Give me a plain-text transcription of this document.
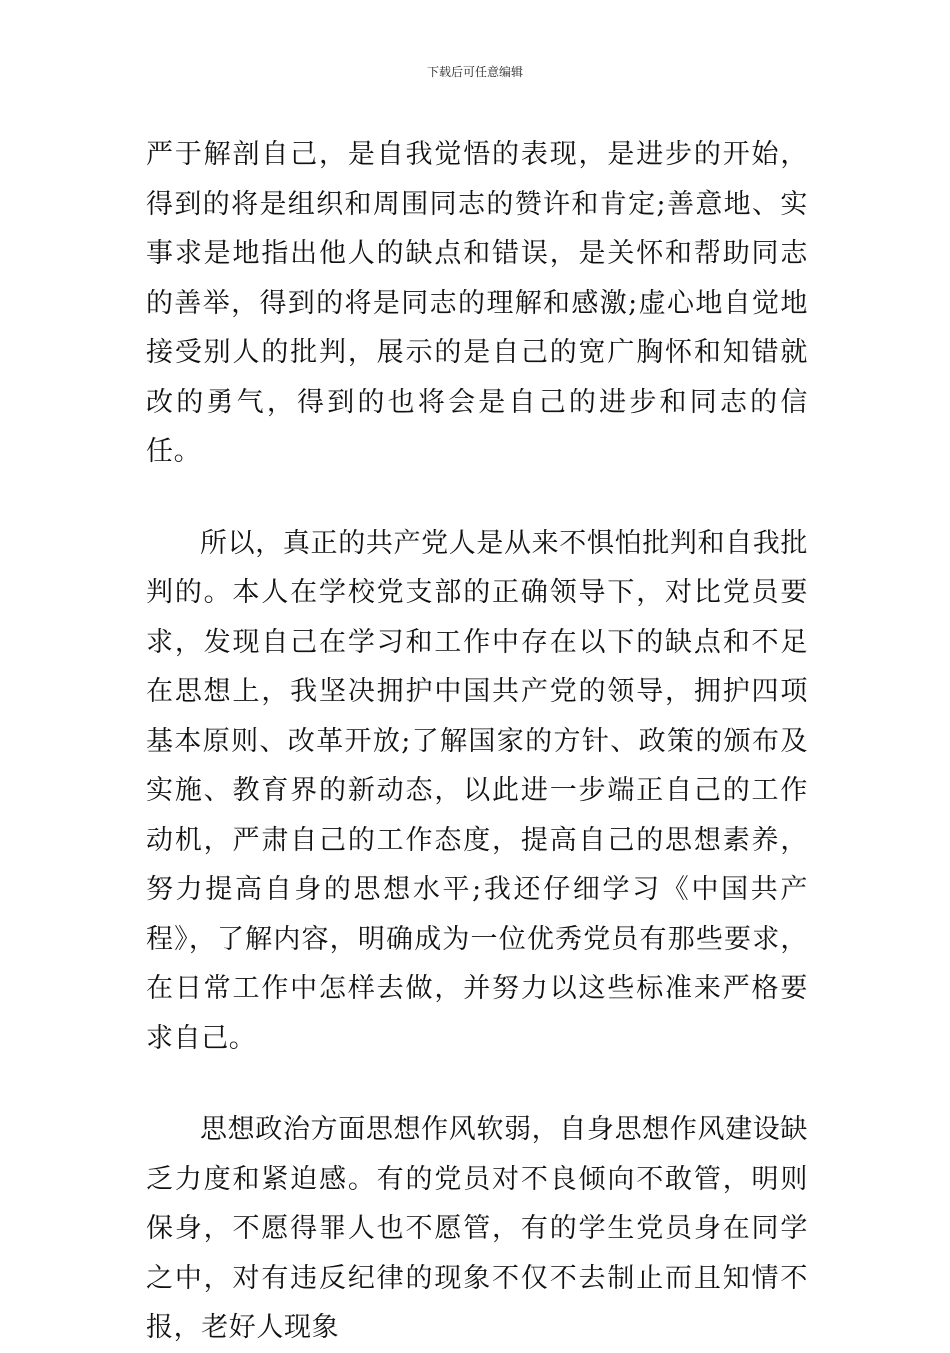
下载后可任意编辑

严于解剖自己，是自我觉悟的表现，是进步的开始，得到的将是组织和周围同志的赞许和肯定;善意地、实事求是地指出他人的缺点和错误，是关怀和帮助同志的善举，得到的将是同志的理解和感激;虚心地自觉地接受别人的批判，展示的是自己的宽广胸怀和知错就改的勇气，得到的也将会是自己的进步和同志的信任。

所以，真正的共产党人是从来不惧怕批判和自我批判的。本人在学校党支部的正确领导下，对比党员要求，发现自己在学习和工作中存在以下的缺点和不足在思想上，我坚决拥护中国共产党的领导，拥护四项基本原则、改革开放;了解国家的方针、政策的颁布及实施、教育界的新动态，以此进一步端正自己的工作动机，严肃自己的工作态度，提高自己的思想素养，努力提高自身的思想水平;我还仔细学习《中国共产程》，了解内容，明确成为一位优秀党员有那些要求，在日常工作中怎样去做，并努力以这些标准来严格要求自己。

思想政治方面思想作风软弱，自身思想作风建设缺乏力度和紧迫感。有的党员对不良倾向不敢管，明则保身，不愿得罪人也不愿管，有的学生党员身在同学之中，对有违反纪律的现象不仅不去制止而且知情不报，老好人现象
